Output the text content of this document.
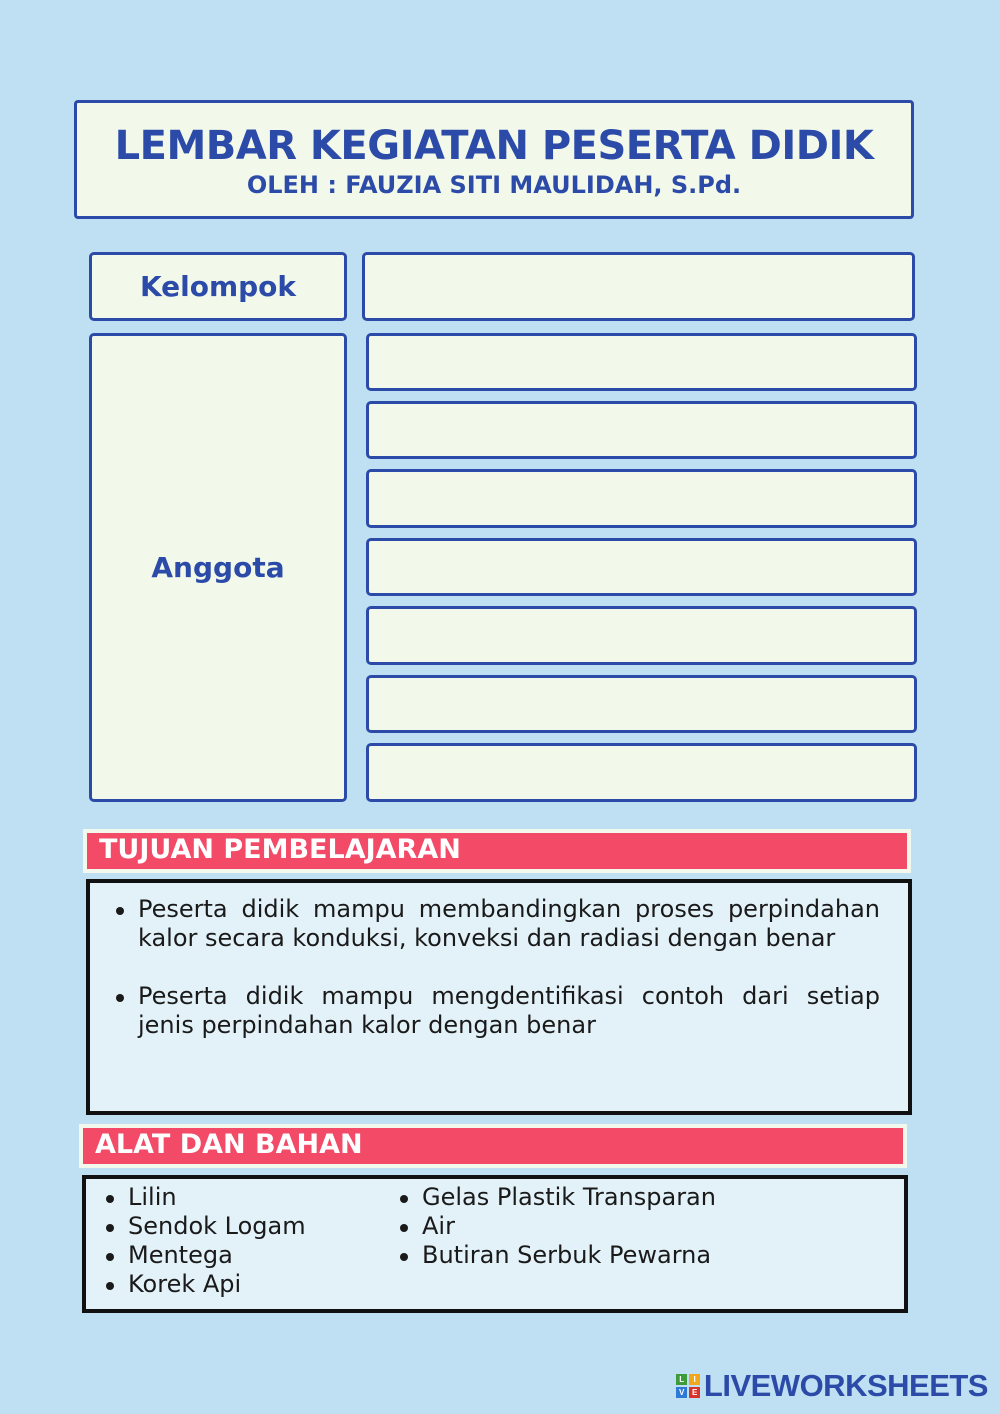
LEMBAR KEGIATAN PESERTA DIDIK
OLEH : FAUZIA SITI MAULIDAH, S.Pd.
Kelompok
Anggota
TUJUAN PEMBELAJARAN
Peserta didik mampu membandingkan proses perpindahan kalor secara konduksi, konveksi dan radiasi dengan benar
Peserta didik mampu mengdentifikasi contoh dari setiap jenis perpindahan kalor dengan benar
ALAT DAN BAHAN
Lilin
Sendok Logam
Mentega
Korek Api
Gelas Plastik Transparan
Air
Butiran Serbuk Pewarna
L	I
V	E LIVEWORKSHEETS
